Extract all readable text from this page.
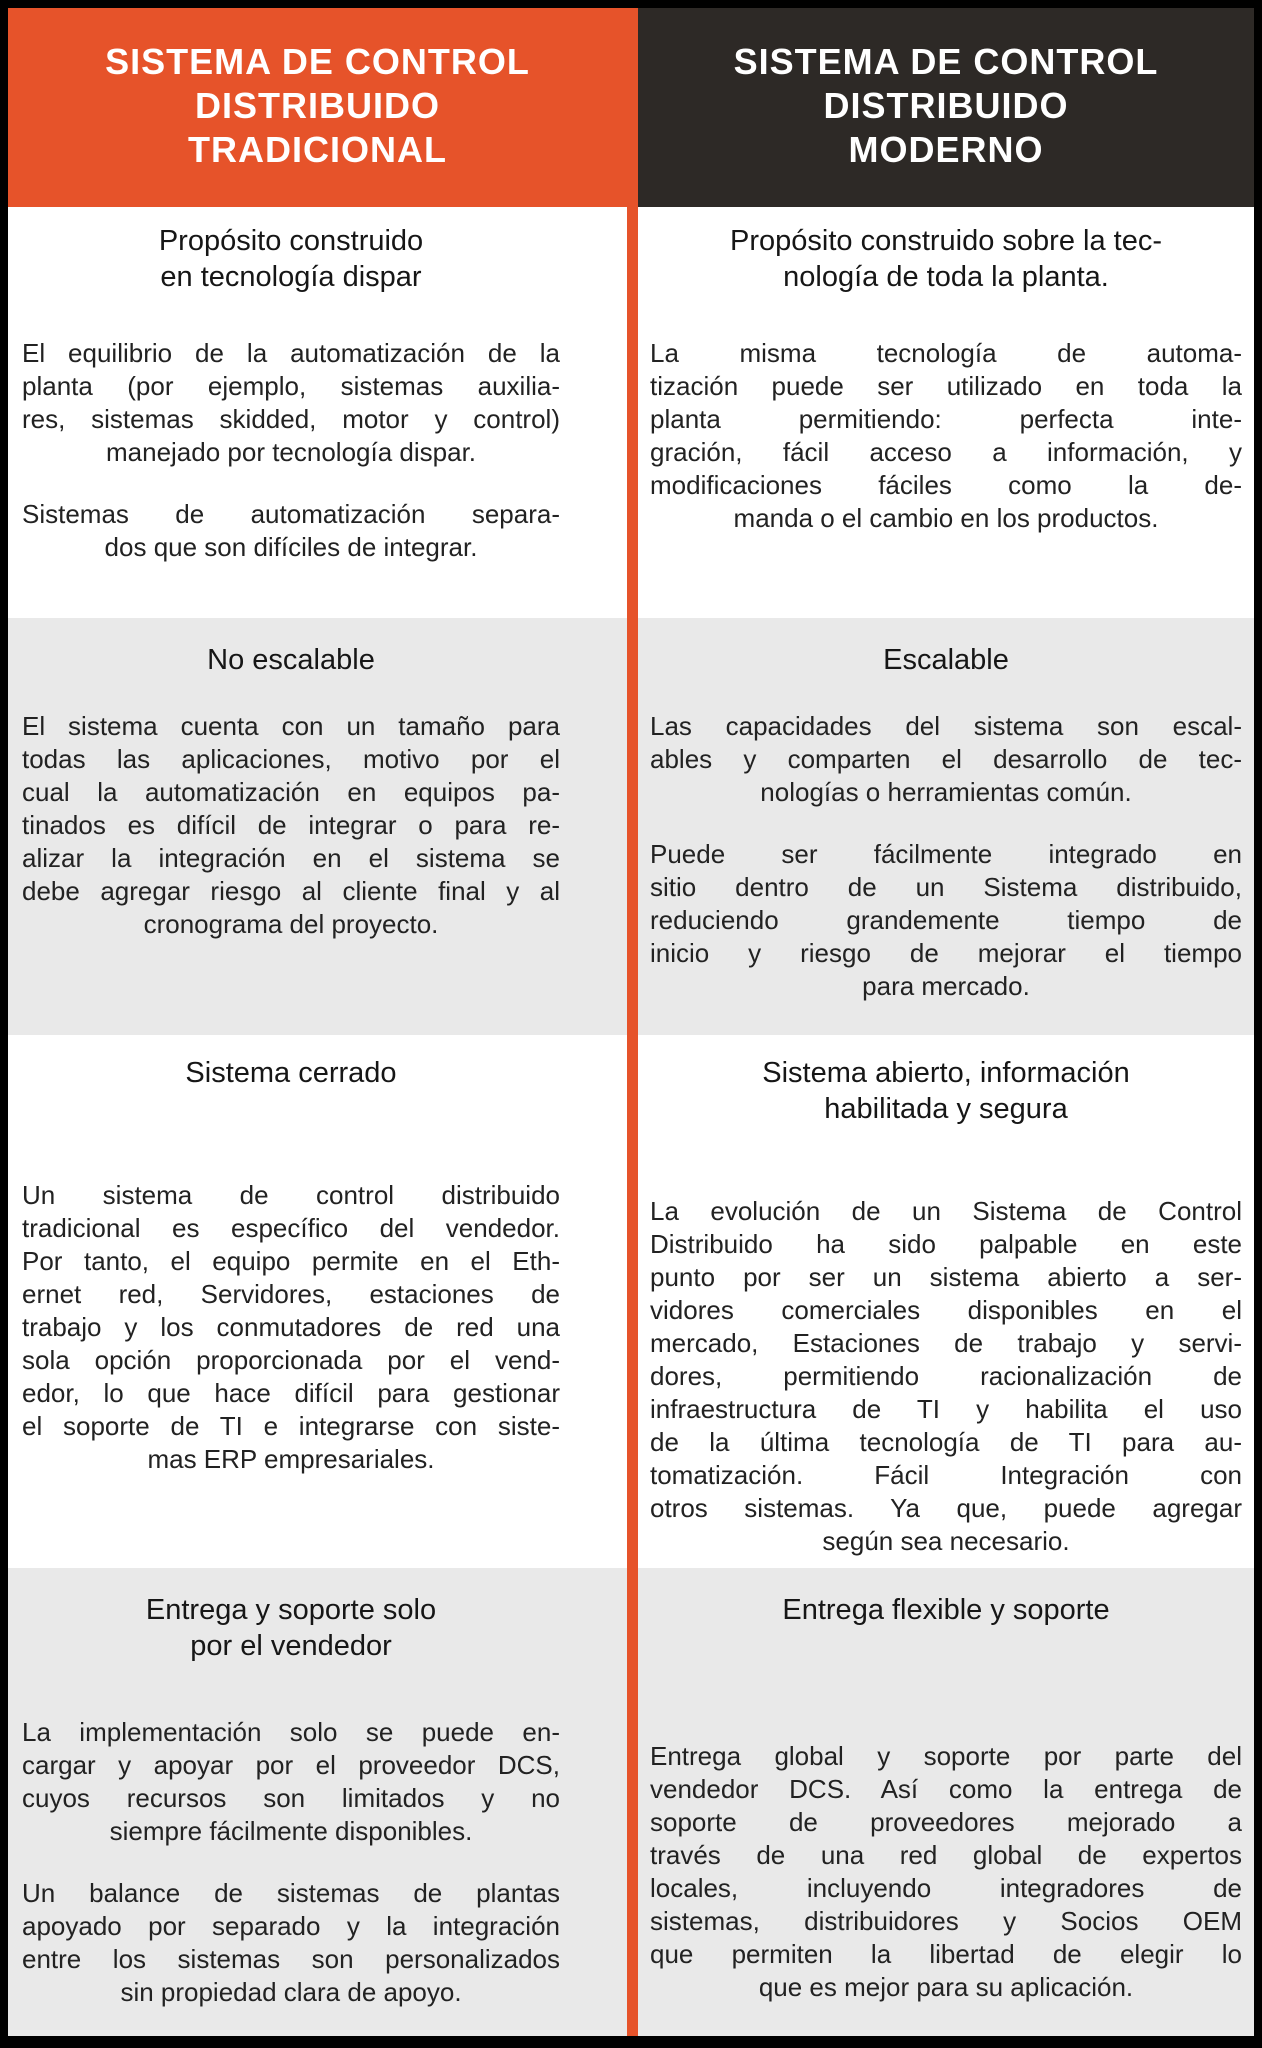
SISTEMA DE CONTROL
DISTRIBUIDO
TRADICIONAL
SISTEMA DE CONTROL
DISTRIBUIDO
MODERNO
Propósito construido
en tecnología dispar
El equilibrio de la automatización de la
planta (por ejemplo, sistemas auxilia-
res, sistemas skidded, motor y control)
manejado por tecnología dispar.
Sistemas de automatización separa-
dos que son difíciles de integrar.
Propósito construido sobre la tec-
nología de toda la planta.
La misma tecnología de automa-
tización puede ser utilizado en toda la
planta permitiendo: perfecta inte-
gración, fácil acceso a información, y
modificaciones fáciles como la de-
manda o el cambio en los productos.
No escalable
El sistema cuenta con un tamaño para
todas las aplicaciones, motivo por el
cual la automatización en equipos pa-
tinados es difícil de integrar o para re-
alizar la integración en el sistema se
debe agregar riesgo al cliente final y al
cronograma del proyecto.
Escalable
Las capacidades del sistema son escal-
ables y comparten el desarrollo de tec-
nologías o herramientas común.
Puede ser fácilmente integrado en
sitio dentro de un Sistema distribuido,
reduciendo grandemente tiempo de
inicio y riesgo de mejorar el tiempo
para mercado.
Sistema cerrado
Un sistema de control distribuido
tradicional es específico del vendedor.
Por tanto, el equipo permite en el Eth-
ernet red, Servidores, estaciones de
trabajo y los conmutadores de red una
sola opción proporcionada por el vend-
edor, lo que hace difícil para gestionar
el soporte de TI e integrarse con siste-
mas ERP empresariales.
Sistema abierto, información
habilitada y segura
La evolución de un Sistema de Control
Distribuido ha sido palpable en este
punto por ser un sistema abierto a ser-
vidores comerciales disponibles en el
mercado, Estaciones de trabajo y servi-
dores, permitiendo racionalización de
infraestructura de TI y habilita el uso
de la última tecnología de TI para au-
tomatización. Fácil Integración con
otros sistemas. Ya que, puede agregar
según sea necesario.
Entrega y soporte solo
por el vendedor
La implementación solo se puede en-
cargar y apoyar por el proveedor DCS,
cuyos recursos son limitados y no
siempre fácilmente disponibles.
Un balance de sistemas de plantas
apoyado por separado y la integración
entre los sistemas son personalizados
sin propiedad clara de apoyo.
Entrega flexible y soporte
Entrega global y soporte por parte del
vendedor DCS. Así como la entrega de
soporte de proveedores mejorado a
través de una red global de expertos
locales, incluyendo integradores de
sistemas, distribuidores y Socios OEM
que permiten la libertad de elegir lo
que es mejor para su aplicación.
